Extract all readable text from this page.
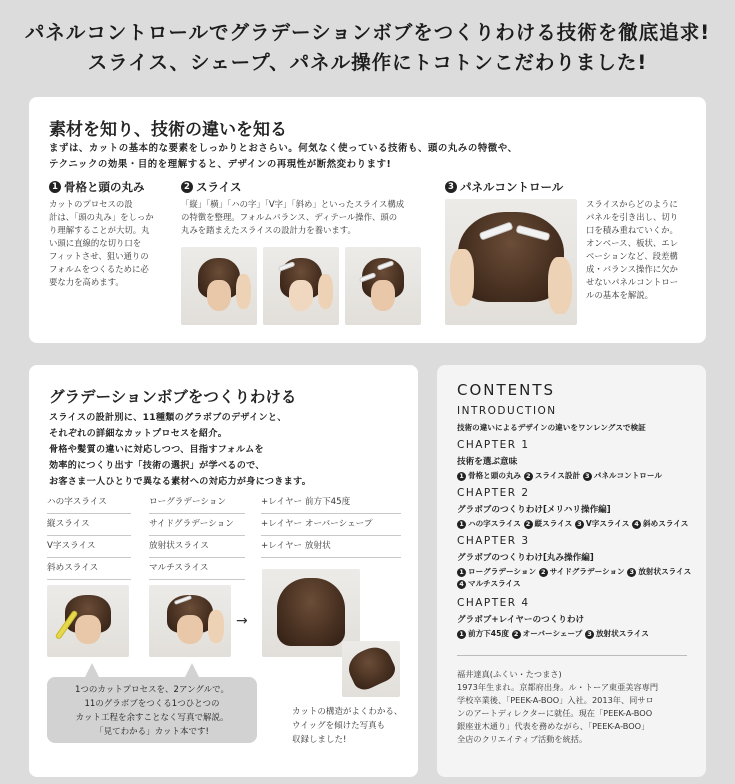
パネルコントロールでグラデーションボブをつくりわける技術を徹底追求!
スライス、シェープ、パネル操作にトコトンこだわりました!
素材を知り、技術の違いを知る
まずは、カットの基本的な要素をしっかりとおさらい。何気なく使っている技術も、頭の丸みの特徴や、
テクニックの効果・目的を理解すると、デザインの再現性が断然変わります!
1 骨格と頭の丸み
カットのプロセスの設
計は、「頭の丸み」をしっか
り理解することが大切。丸
い頭に直線的な切り口を
フィットさせ、狙い通りの
フォルムをつくるために必
要な力を高めます。
2 スライス
「縦」「横」「ハの字」「V字」「斜め」といったスライス構成
の特徴を整理。フォルムバランス、ディテール操作、頭の
丸みを踏まえたスライスの設計力を養います。
3 パネルコントロール
スライスからどのように
パネルを引き出し、切り
口を積み重ねていくか。
オンベース、板状、エレ
ベーションなど、段差構
成・バランス操作に欠か
せないパネルコントロー
ルの基本を解説。
グラデーションボブをつくりわける
スライスの設計別に、11種類のグラボブのデザインと、
それぞれの詳細なカットプロセスを紹介。
骨格や髪質の違いに対応しつつ、目指すフォルムを
効率的につくり出す「技術の選択」が学べるので、
お客さま一人ひとりで異なる素材への対応力が身につきます。
ハの字スライス
縦スライス
V字スライス
斜めスライス
ローグラデーション
サイドグラデーション
放射状スライス
マルチスライス
+レイヤー 前方下45度
+レイヤー オーバーシェープ
+レイヤー 放射状
→
1つのカットプロセスを、2アングルで。
11のグラボブをつくる1つひとつの
カット工程を余すことなく写真で解説。
「見てわかる」カット本です!
カットの構造がよくわかる、
ウイッグを傾けた写真も
収録しました!
CONTENTS
INTRODUCTION
技術の違いによるデザインの違いをワンレングスで検証
CHAPTER 1
技術を選ぶ意味
1 骨格と頭の丸み 2 スライス設計 3 パネルコントロール
CHAPTER 2
グラボブのつくりわけ[メリハリ操作編]
1 ハの字スライス 2 縦スライス 3 V字スライス 4 斜めスライス
CHAPTER 3
グラボブのつくりわけ[丸み操作編]
1 ローグラデーション 2 サイドグラデーション 3 放射状スライス
4 マルチスライス
CHAPTER 4
グラボブ+レイヤーのつくりわけ
1 前方下45度 2 オーバーシェープ 3 放射状スライス
福井達真(ふくい・たつまさ)
1973年生まれ。京都府出身。ル・トーア東亜美容専門
学校卒業後、「PEEK-A-BOO」入社。2013年、同サロ
ンのアートディレクターに就任。現在「PEEK-A-BOO
銀座並木通り」代表を務めながら、「PEEK-A-BOO」
全店のクリエイティブ活動を統括。
